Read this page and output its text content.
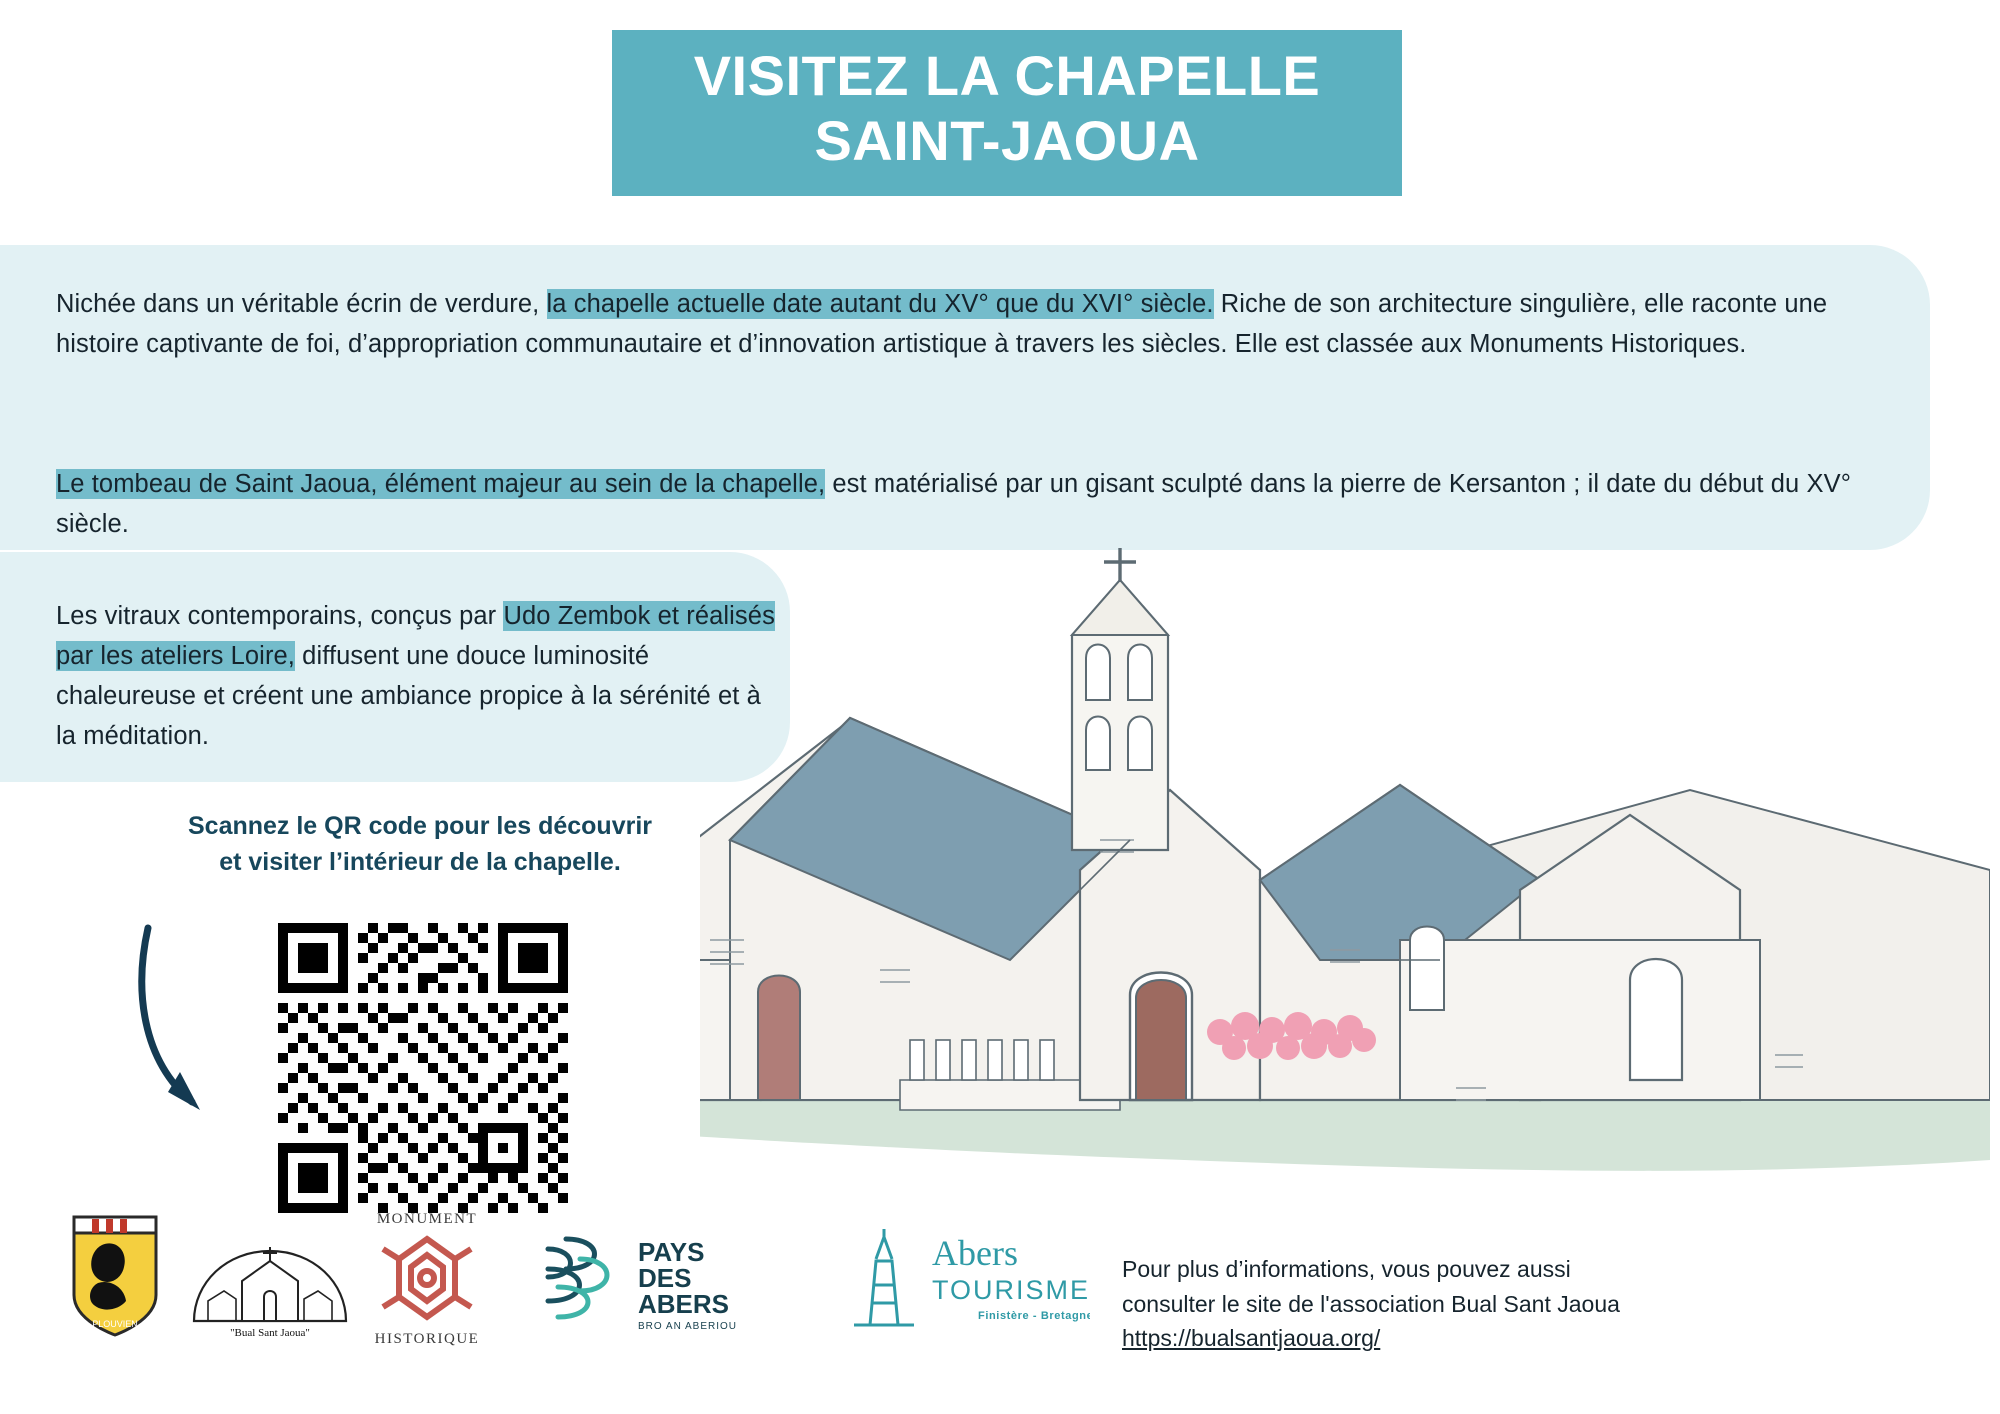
VISITEZ LA CHAPELLE
SAINT-JAOUA

Nichée dans un véritable écrin de verdure, la chapelle actuelle date autant du XV° que du XVI° siècle. Riche de son architecture singulière, elle raconte une histoire captivante de foi, d’appropriation communautaire et d’innovation artistique à travers les siècles. Elle est classée aux Monuments Historiques.

Le tombeau de Saint Jaoua, élément majeur au sein de la chapelle, est matérialisé par un gisant sculpté dans la pierre de Kersanton ; il date du début du XV° siècle.

Les vitraux contemporains, conçus par Udo Zembok et réalisés par les ateliers Loire, diffusent une douce luminosité chaleureuse et créent une ambiance propice à la sérénité et à la méditation.

Scannez le QR code pour les découvrir
et visiter l’intérieur de la chapelle.
PLOUVIEN
"Bual Sant Jaoua"
MONUMENT
HISTORIQUE
PAYS
DES
ABERS
BRO AN ABERIOU
Abers
TOURISME
Finistère - Bretagne
Pour plus d’informations, vous pouvez aussi
consulter le site de l'association Bual Sant Jaoua
https://bualsantjaoua.org/
